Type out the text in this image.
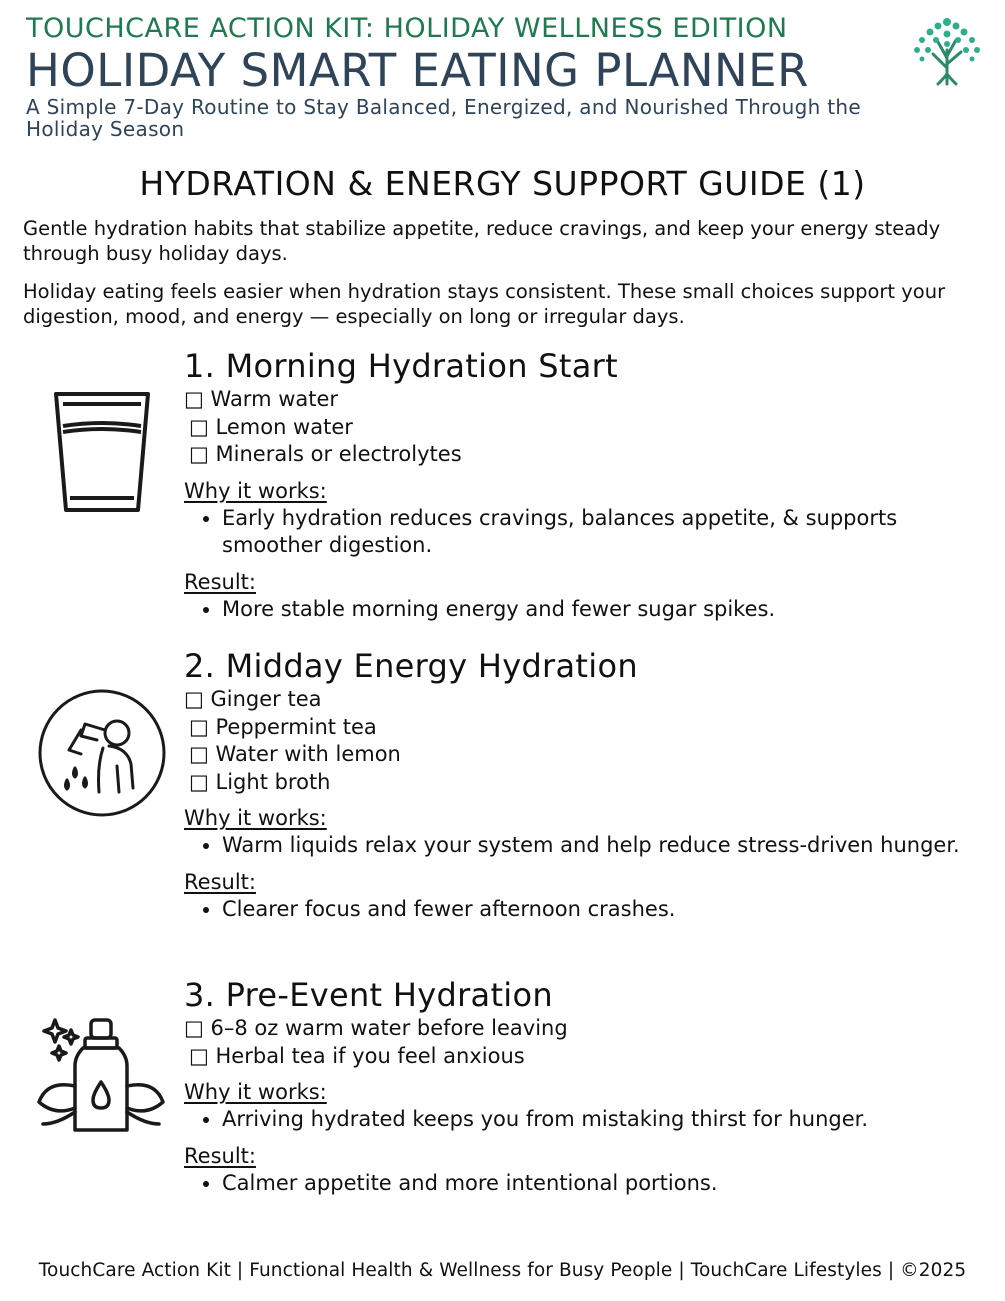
TOUCHCARE ACTION KIT: HOLIDAY WELLNESS EDITION
HOLIDAY SMART EATING PLANNER
A Simple 7-Day Routine to Stay Balanced, Energized, and Nourished Through the Holiday Season
HYDRATION & ENERGY SUPPORT GUIDE (1)
Gentle hydration habits that stabilize appetite, reduce cravings, and keep your energy steady through busy holiday days.
Holiday eating feels easier when hydration stays consistent. These small choices support your digestion, mood, and energy — especially on long or irregular days.
1. Morning Hydration Start
□ Warm water
□ Lemon water
□ Minerals or electrolytes
Why it works:
• Early hydration reduces cravings, balances appetite, & supports smoother digestion.
Result:
• More stable morning energy and fewer sugar spikes.
2. Midday Energy Hydration
□ Ginger tea
□ Peppermint tea
□ Water with lemon
□ Light broth
Why it works:
• Warm liquids relax your system and help reduce stress-driven hunger.
Result:
• Clearer focus and fewer afternoon crashes.
3. Pre-Event Hydration
□ 6–8 oz warm water before leaving
□ Herbal tea if you feel anxious
Why it works:
• Arriving hydrated keeps you from mistaking thirst for hunger.
Result:
• Calmer appetite and more intentional portions.
TouchCare Action Kit | Functional Health & Wellness for Busy People | TouchCare Lifestyles | ©2025
